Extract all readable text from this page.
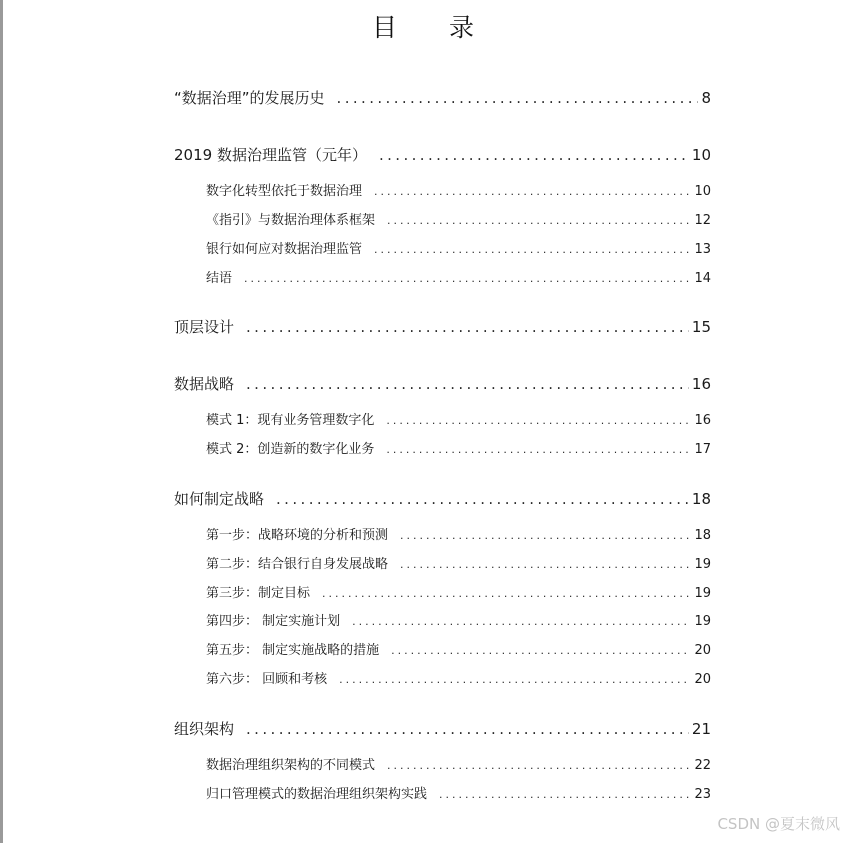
目 录
“数据治理”的发展历史 .....	8
2019 数据治理监管（元年） .....	10
数字化转型依托于数据治理 .....	10
《指引》与数据治理体系框架 .....	12
银行如何应对数据治理监管 .....	13
结语 .....	14
顶层设计 .....	15
数据战略 .....	16
模式 1：现有业务管理数字化 .....	16
模式 2：创造新的数字化业务 .....	17
如何制定战略 .....	18
第一步：战略环境的分析和预测 .....	18
第二步：结合银行自身发展战略 .....	19
第三步：制定目标 .....	19
第四步： 制定实施计划 .....	19
第五步： 制定实施战略的措施 .....	20
第六步： 回顾和考核 .....	20
组织架构 .....	21
数据治理组织架构的不同模式 .....	22
归口管理模式的数据治理组织架构实践 .....	23
CSDN @夏末微风
